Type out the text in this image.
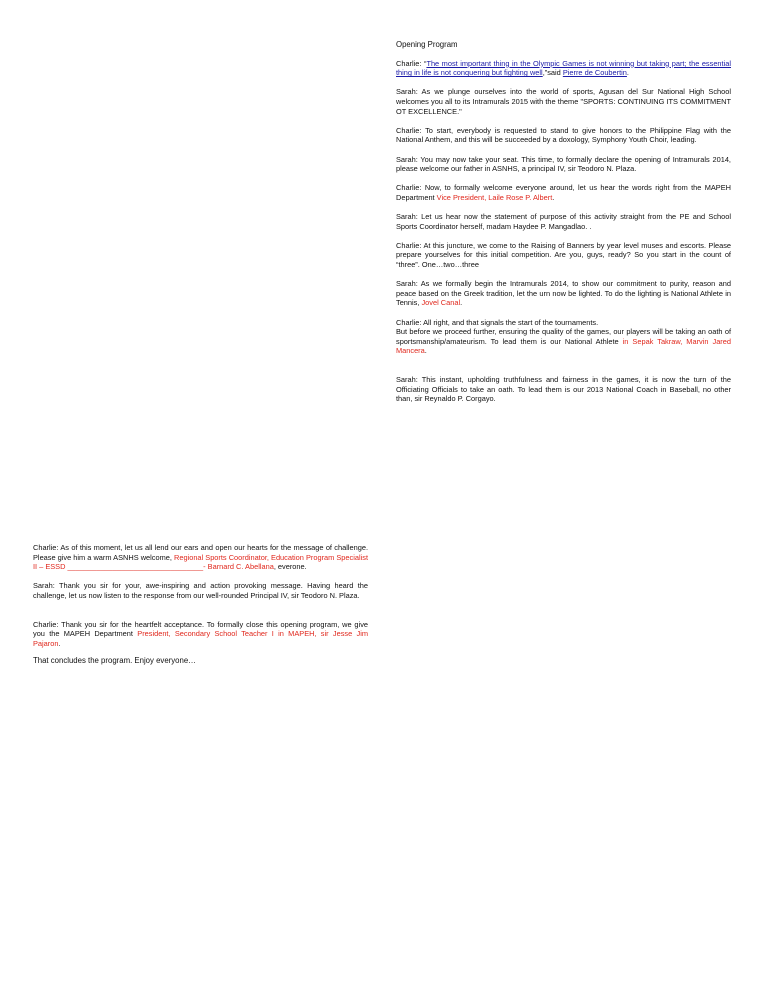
Opening Program

Charlie: “The most important thing in the Olympic Games is not winning but taking part; the essential thing in life is not conquering but fighting well,”said Pierre de Coubertin.

Sarah: As we plunge ourselves into the world of sports, Agusan del Sur National High School welcomes you all to its Intramurals 2015 with the theme "SPORTS: CONTINUING ITS COMMITMENT OT EXCELLENCE."

Charlie: To start, everybody is requested to stand to give honors to the Philippine Flag with the National Anthem, and this will be succeeded by a doxology, Symphony Youth Choir, leading.

Sarah: You may now take your seat. This time, to formally declare the opening of Intramurals 2014, please welcome our father in ASNHS, a principal IV, sir Teodoro N. Plaza.

Charlie: Now, to formally welcome everyone around, let us hear the words right from the MAPEH Department Vice President, Laile Rose P. Albert.

Sarah: Let us hear now the statement of purpose of this activity straight from the PE and School Sports Coordinator herself, madam Haydee P. Mangadlao. .

Charlie: At this juncture, we come to the Raising of Banners by year level muses and escorts. Please prepare yourselves for this initial competition. Are you, guys, ready? So you start in the count of “three”. One…two…three

Sarah: As we formally begin the Intramurals 2014, to show our commitment to purity, reason and peace based on the Greek tradition, let the urn now be lighted. To do the lighting is National Athlete in Tennis, Jovel Canal.

Charlie: All right, and that signals the start of the tournaments.
But before we proceed further, ensuring the quality of the games, our players will be taking an oath of sportsmanship/amateurism. To lead them is our National Athlete in Sepak Takraw, Marvin Jared Mancera.

Sarah: This instant, upholding truthfulness and fairness in the games, it is now the turn of the Officiating Officials to take an oath. To lead them is our 2013 National Coach in Baseball, no other than, sir Reynaldo P. Corgayo.

Charlie: As of this moment, let us all lend our ears and open our hearts for the message of challenge. Please give him a warm ASNHS welcome, Regional Sports Coordinator, Education Program Specialist II – ESSD _________________________________- Barnard C. Abellana, everone.

Sarah: Thank you sir for your, awe-inspiring and action provoking message. Having heard the challenge, let us now listen to the response from our well-rounded Principal IV, sir Teodoro N. Plaza.

Charlie: Thank you sir for the heartfelt acceptance. To formally close this opening program, we give you the MAPEH Department President, Secondary School Teacher I in MAPEH, sir Jesse Jim Pajaron.

That concludes the program. Enjoy everyone…
